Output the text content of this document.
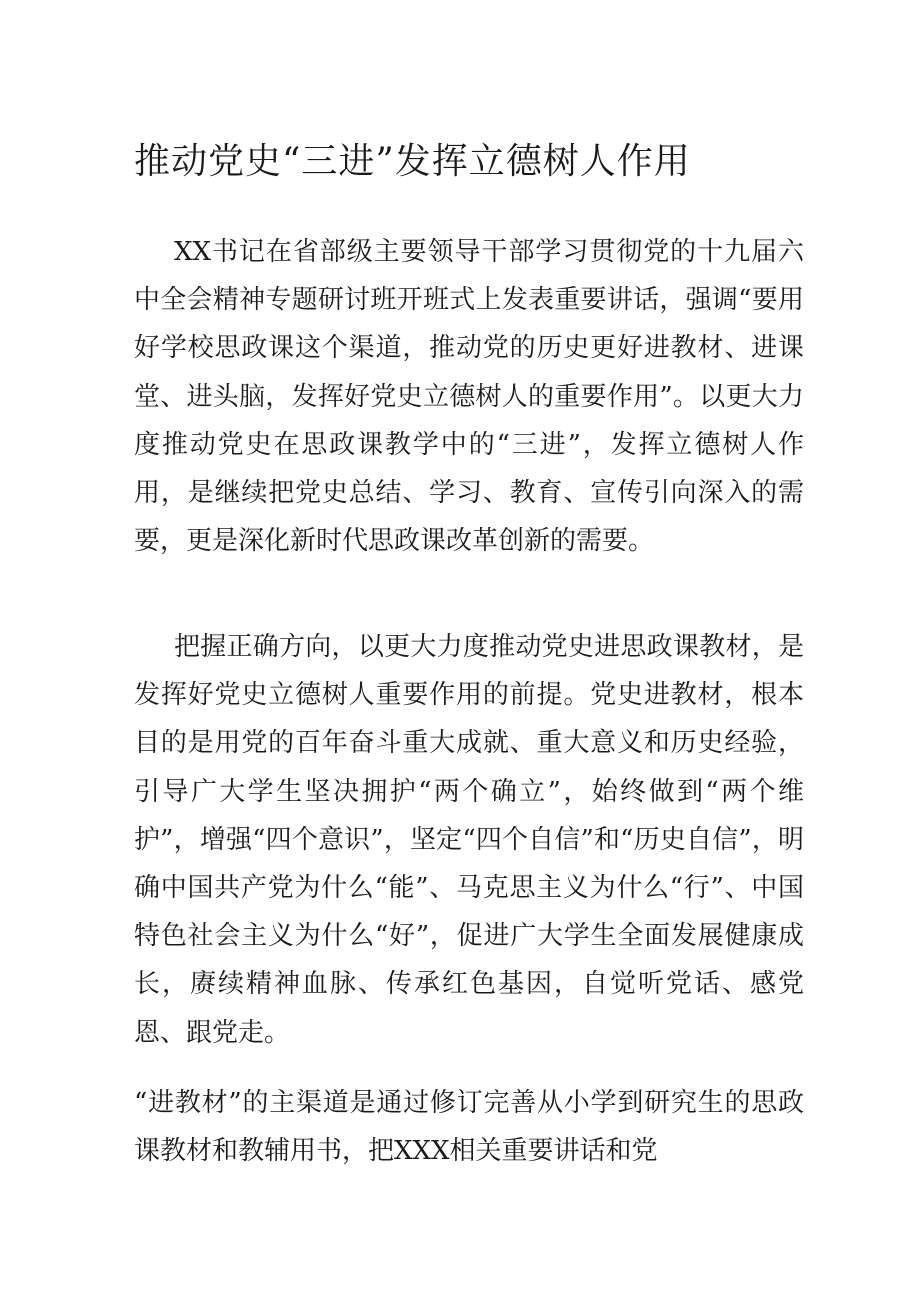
推动党史“三进”发挥立德树人作用

XX书记在省部级主要领导干部学习贯彻党的十九届六中全会精神专题研讨班开班式上发表重要讲话，强调“要用好学校思政课这个渠道，推动党的历史更好进教材、进课堂、进头脑，发挥好党史立德树人的重要作用”。以更大力度推动党史在思政课教学中的“三进”，发挥立德树人作用，是继续把党史总结、学习、教育、宣传引向深入的需要，更是深化新时代思政课改革创新的需要。

把握正确方向，以更大力度推动党史进思政课教材，是发挥好党史立德树人重要作用的前提。党史进教材，根本目的是用党的百年奋斗重大成就、重大意义和历史经验，引导广大学生坚决拥护“两个确立”，始终做到“两个维护”，增强“四个意识”，坚定“四个自信”和“历史自信”，明确中国共产党为什么“能”、马克思主义为什么“行”、中国特色社会主义为什么“好”，促进广大学生全面发展健康成长，赓续精神血脉、传承红色基因，自觉听党话、感党恩、跟党走。

“进教材”的主渠道是通过修订完善从小学到研究生的思政课教材和教辅用书，把XXX相关重要讲话和党
